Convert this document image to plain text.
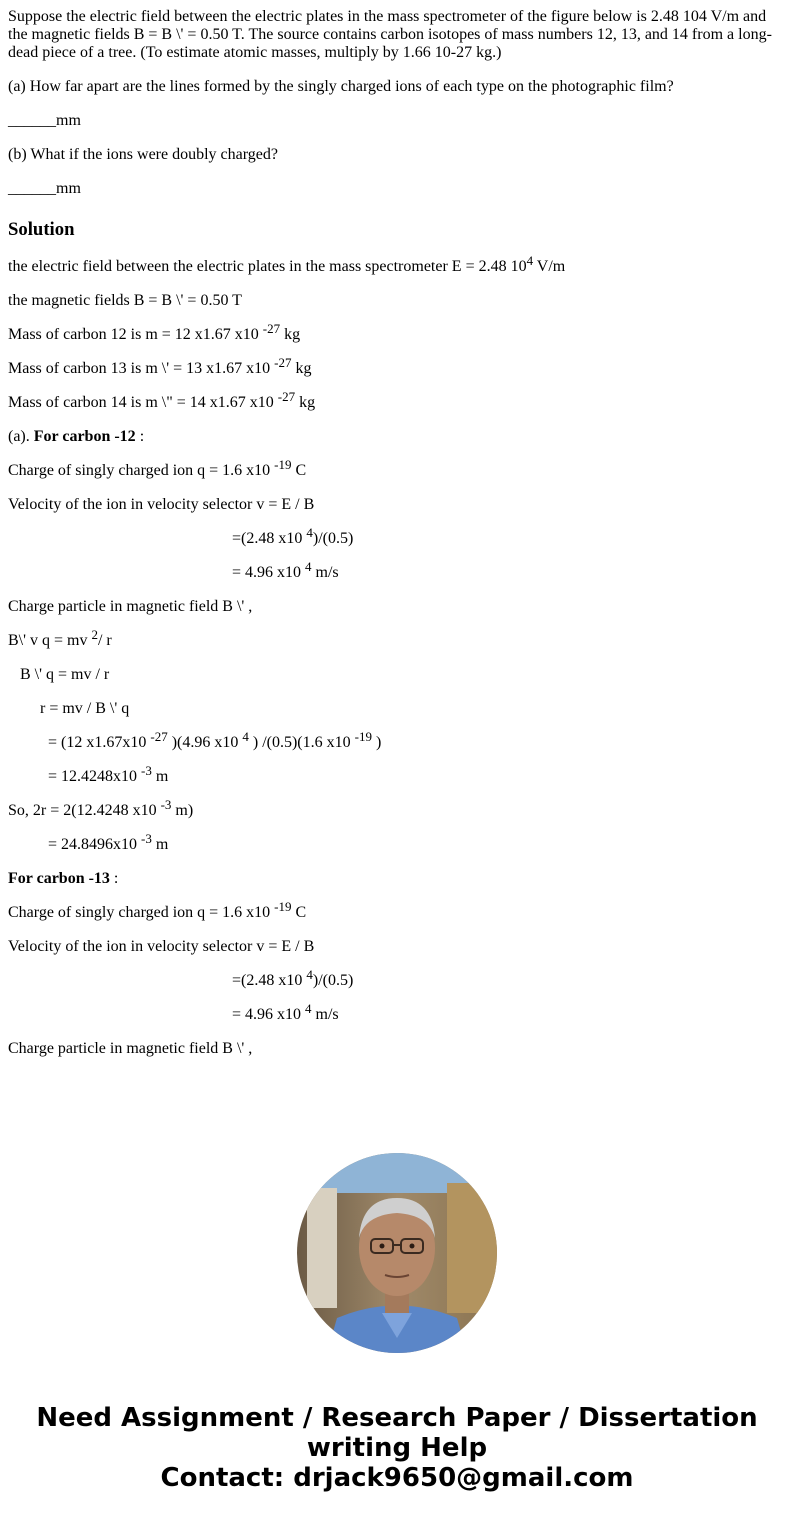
Suppose the electric field between the electric plates in the mass spectrometer of the figure below is 2.48 104 V/m and the magnetic fields B = B \' = 0.50 T. The source contains carbon isotopes of mass numbers 12, 13, and 14 from a long-dead piece of a tree. (To estimate atomic masses, multiply by 1.66 10-27 kg.)

(a) How far apart are the lines formed by the singly charged ions of each type on the photographic film?

______mm

(b) What if the ions were doubly charged?

______mm

Solution

the electric field between the electric plates in the mass spectrometer E = 2.48 $10^4$ V/m

the magnetic fields B = B \' = 0.50 T

Mass of carbon 12 is m = 12 x1.67 x10 $^{-27}$ kg

Mass of carbon 13 is m \' = 13 x1.67 x10 $^{-27}$ kg

Mass of carbon 14 is m \" = 14 x1.67 x10 $^{-27}$ kg

(a). For carbon -12 :

Charge of singly charged ion q = 1.6 x10 $^{-19}$ C

Velocity of the ion in velocity selector v = E / B

=(2.48 x10 $^4$)/(0.5)

= 4.96 x10 $^4$ m/s

Charge particle in magnetic field B \' ,

B\' v q = mv $^2$/ r

B \' q = mv / r

r = mv / B \' q

= (12 x1.67x10 $^{-27}$ )(4.96 x10 $^4$ ) /(0.5)(1.6 x10 $^{-19}$ )

= 12.4248x10 $^{-3}$ m

So, 2r = 2(12.4248 x10 $^{-3}$ m)

= 24.8496x10 $^{-3}$ m

For carbon -13 :

Charge of singly charged ion q = 1.6 x10 $^{-19}$ C

Velocity of the ion in velocity selector v = E / B

=(2.48 x10 $^4$)/(0.5)

= 4.96 x10 $^4$ m/s

Charge particle in magnetic field B \' ,

Need Assignment / Research Paper / Dissertation
writing Help
Contact: drjack9650@gmail.com
